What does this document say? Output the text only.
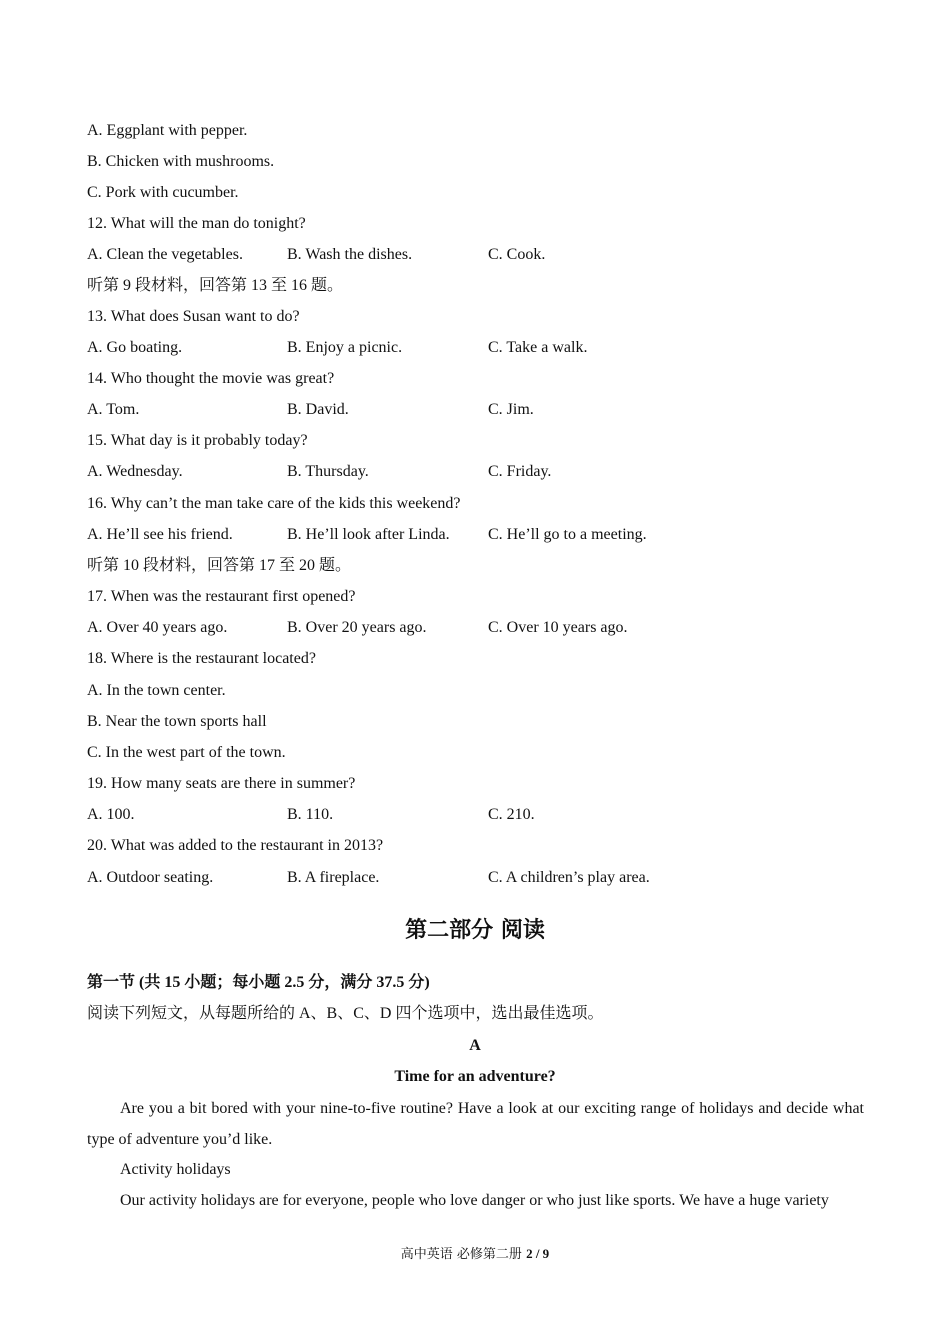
A. Eggplant with pepper.
B. Chicken with mushrooms.
C. Pork with cucumber.
12. What will the man do tonight?
A. Clean the vegetables.	B. Wash the dishes.	C. Cook.
听第 9 段材料，回答第 13 至 16 题。
13. What does Susan want to do?
A. Go boating.	B. Enjoy a picnic.	C. Take a walk.
14. Who thought the movie was great?
A. Tom.	B. David.	C. Jim.
15. What day is it probably today?
A. Wednesday.	B. Thursday.	C. Friday.
16. Why can’t the man take care of the kids this weekend?
A. He’ll see his friend.	B. He’ll look after Linda. C. He’ll go to a meeting.
听第 10 段材料，回答第 17 至 20 题。
17. When was the restaurant first opened?
A. Over 40 years ago.	B. Over 20 years ago.	C. Over 10 years ago.
18. Where is the restaurant located?
A. In the town center.
B. Near the town sports hall
C. In the west part of the town.
19. How many seats are there in summer?
A. 100.	B. 110.	C. 210.
20. What was added to the restaurant in 2013?
A. Outdoor seating.	B. A fireplace.	C. A children’s play area.
第二部分 阅读
第一节 (共 15 小题；每小题 2.5 分，满分 37.5 分)
阅读下列短文，从每题所给的 A、B、C、D 四个选项中，选出最佳选项。
A
Time for an adventure?
Are you a bit bored with your nine-to-five routine? Have a look at our exciting range of holidays and decide what type of adventure you’d like.
Activity holidays
Our activity holidays are for everyone, people who love danger or who just like sports. We have a huge variety
高中英语 必修第二册 2 / 9
